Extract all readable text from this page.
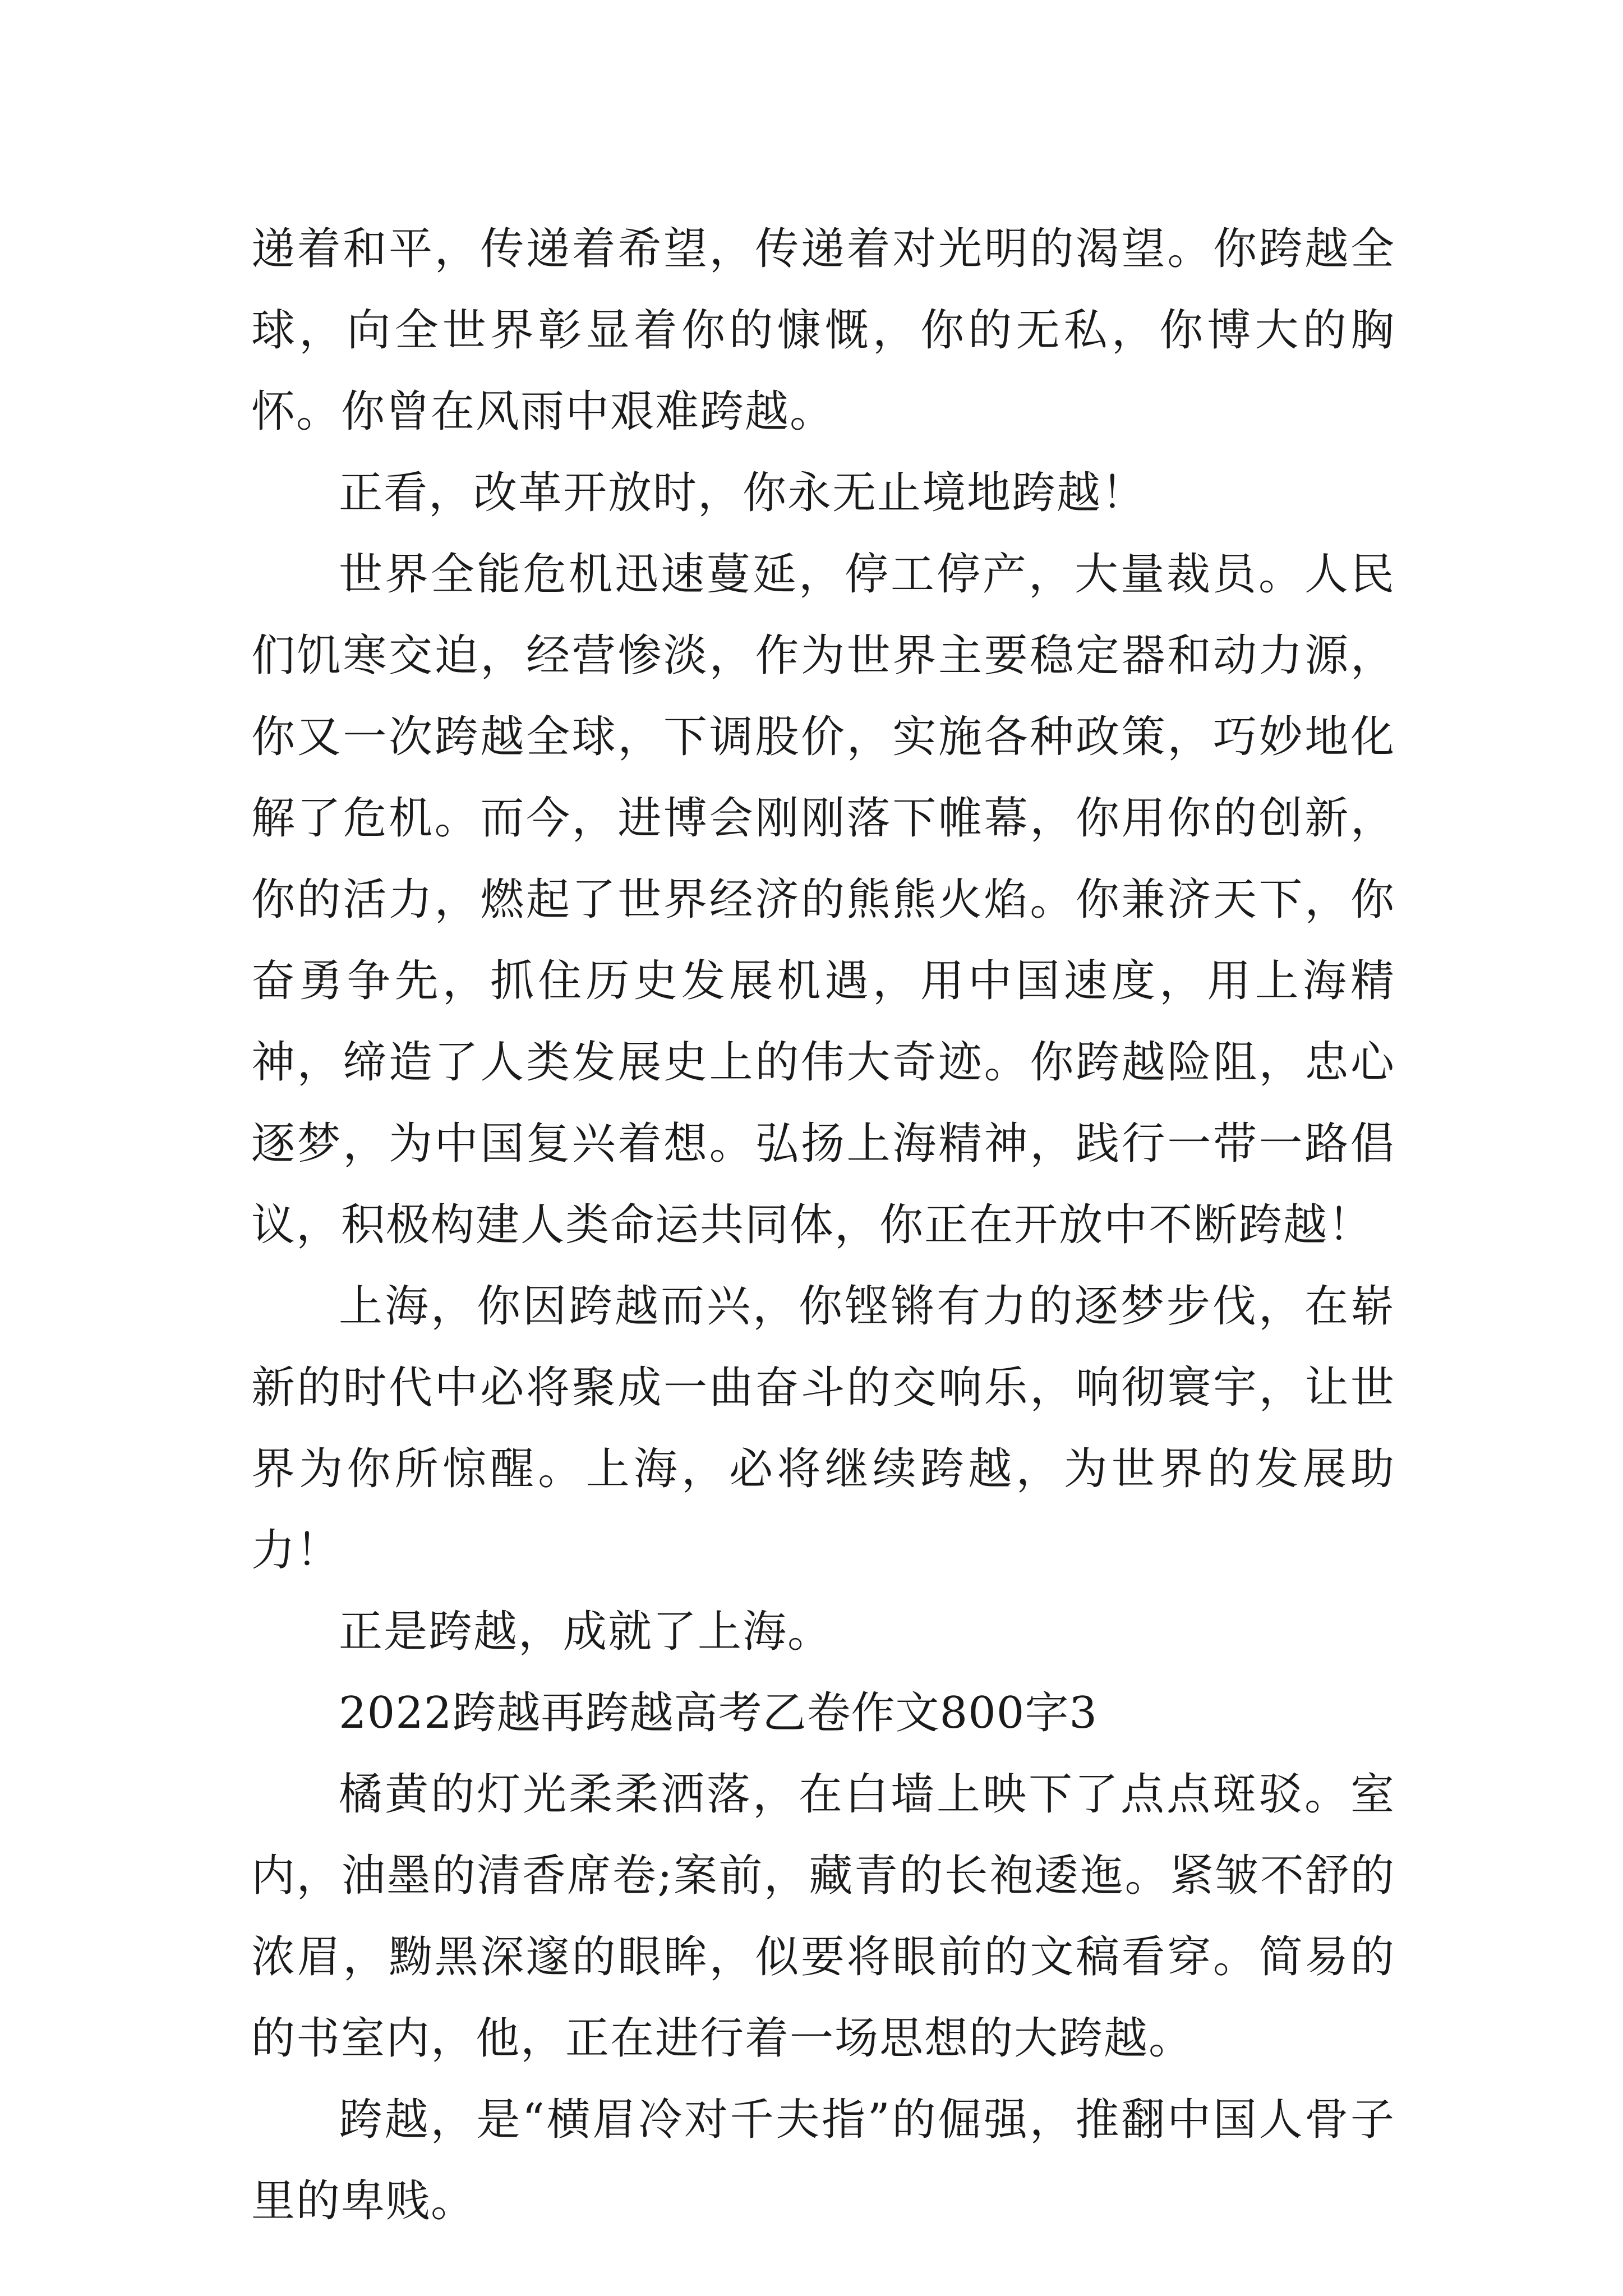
递着和平，传递着希望，传递着对光明的渴望。你跨越全球，向全世界彰显着你的慷慨，你的无私，你博大的胸怀。你曾在风雨中艰难跨越。

正看，改革开放时，你永无止境地跨越！

世界全能危机迅速蔓延，停工停产，大量裁员。人民们饥寒交迫，经营惨淡，作为世界主要稳定器和动力源，你又一次跨越全球，下调股价，实施各种政策，巧妙地化解了危机。而今，进博会刚刚落下帷幕，你用你的创新，你的活力，燃起了世界经济的熊熊火焰。你兼济天下，你奋勇争先，抓住历史发展机遇，用中国速度，用上海精神，缔造了人类发展史上的伟大奇迹。你跨越险阻，忠心逐梦，为中国复兴着想。弘扬上海精神，践行一带一路倡议，积极构建人类命运共同体，你正在开放中不断跨越！

上海，你因跨越而兴，你铿锵有力的逐梦步伐，在崭新的时代中必将聚成一曲奋斗的交响乐，响彻寰宇，让世界为你所惊醒。上海，必将继续跨越，为世界的发展助力！

正是跨越，成就了上海。

2022跨越再跨越高考乙卷作文800字3

橘黄的灯光柔柔洒落，在白墙上映下了点点斑驳。室内，油墨的清香席卷;案前，藏青的长袍逶迤。紧皱不舒的浓眉，黝黑深邃的眼眸，似要将眼前的文稿看穿。简易的的书室内，他，正在进行着一场思想的大跨越。

跨越，是“横眉冷对千夫指”的倔强，推翻中国人骨子里的卑贱。
